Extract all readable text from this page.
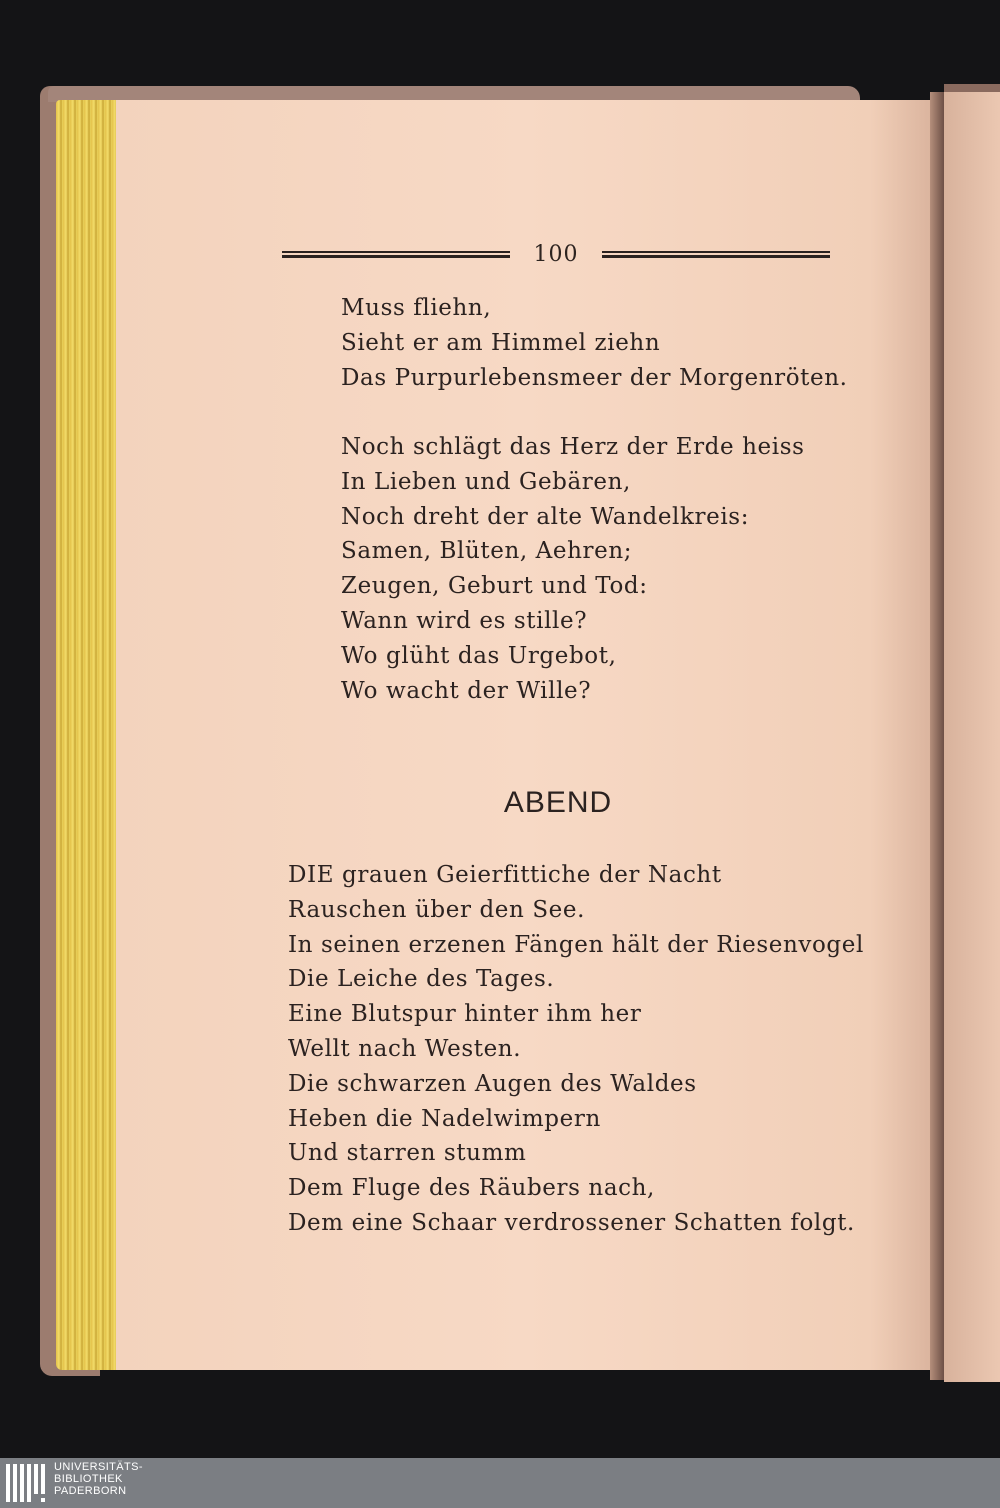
100
Muss fliehn,
Sieht er am Himmel ziehn
Das Purpurlebensmeer der Morgenröten.
Noch schlägt das Herz der Erde heiss
In Lieben und Gebären,
Noch dreht der alte Wandelkreis:
Samen, Blüten, Aehren;
Zeugen, Geburt und Tod:
Wann wird es stille?
Wo glüht das Urgebot,
Wo wacht der Wille?
ABEND
DIE grauen Geierfittiche der Nacht
Rauschen über den See.
In seinen erzenen Fängen hält der Riesenvogel
Die Leiche des Tages.
Eine Blutspur hinter ihm her
Wellt nach Westen.
Die schwarzen Augen des Waldes
Heben die Nadelwimpern
Und starren stumm
Dem Fluge des Räubers nach,
Dem eine Schaar verdrossener Schatten folgt.
UNIVERSITÄTS-
BIBLIOTHEK
PADERBORN
